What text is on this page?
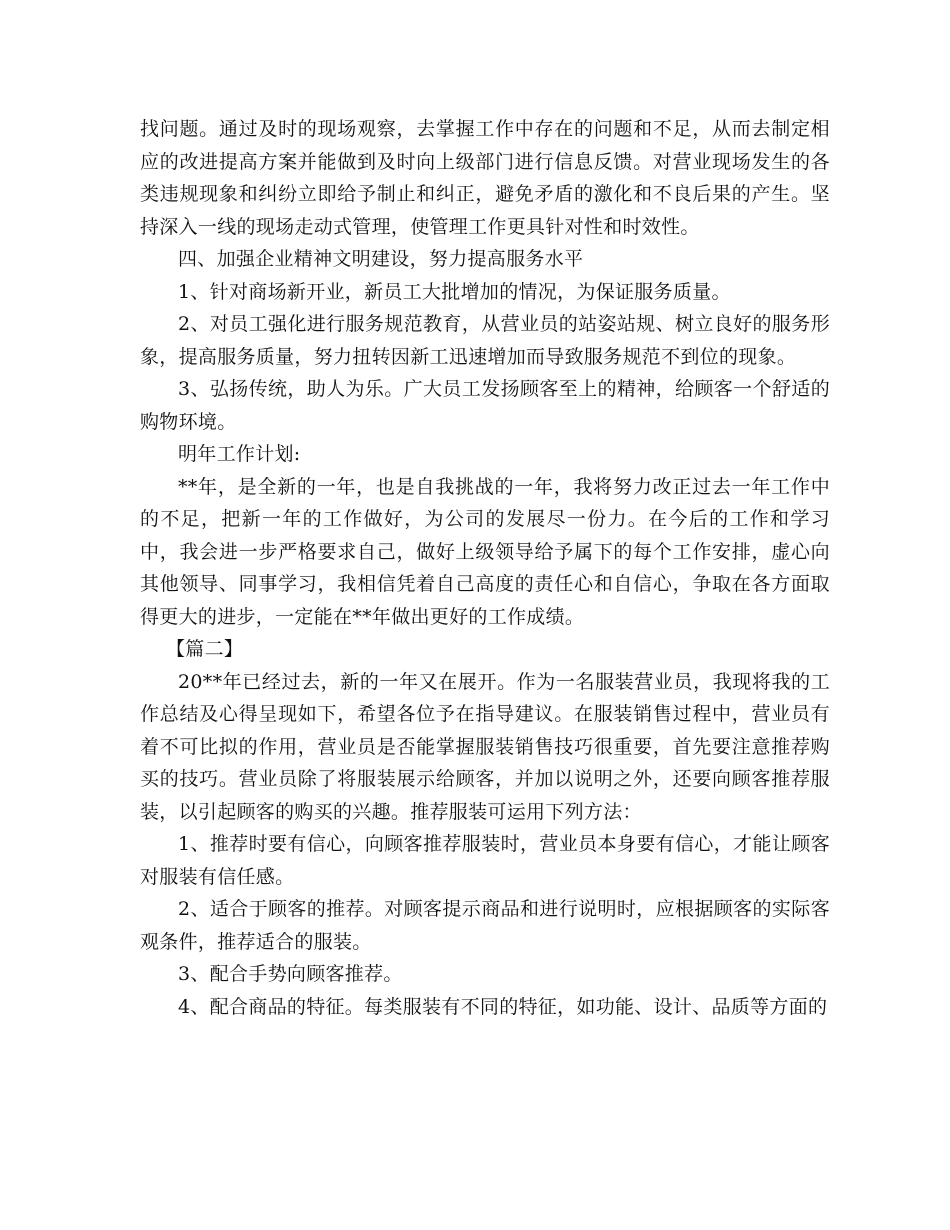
找问题。通过及时的现场观察，去掌握工作中存在的问题和不足，从而去制定相应的改进提高方案并能做到及时向上级部门进行信息反馈。对营业现场发生的各类违规现象和纠纷立即给予制止和纠正，避免矛盾的激化和不良后果的产生。坚持深入一线的现场走动式管理，使管理工作更具针对性和时效性。

四、加强企业精神文明建设，努力提高服务水平

1、针对商场新开业，新员工大批增加的情况，为保证服务质量。

2、对员工强化进行服务规范教育，从营业员的站姿站规、树立良好的服务形象，提高服务质量，努力扭转因新工迅速增加而导致服务规范不到位的现象。

3、弘扬传统，助人为乐。广大员工发扬顾客至上的精神，给顾客一个舒适的购物环境。

明年工作计划:

**年，是全新的一年，也是自我挑战的一年，我将努力改正过去一年工作中的不足，把新一年的工作做好，为公司的发展尽一份力。在今后的工作和学习中，我会进一步严格要求自己，做好上级领导给予属下的每个工作安排，虚心向其他领导、同事学习，我相信凭着自己高度的责任心和自信心，争取在各方面取得更大的进步，一定能在**年做出更好的工作成绩。

【篇二】

20**年已经过去，新的一年又在展开。作为一名服装营业员，我现将我的工作总结及心得呈现如下，希望各位予在指导建议。在服装销售过程中，营业员有着不可比拟的作用，营业员是否能掌握服装销售技巧很重要，首先要注意推荐购买的技巧。营业员除了将服装展示给顾客，并加以说明之外，还要向顾客推荐服装，以引起顾客的购买的兴趣。推荐服装可运用下列方法：

1、推荐时要有信心，向顾客推荐服装时，营业员本身要有信心，才能让顾客对服装有信任感。

2、适合于顾客的推荐。对顾客提示商品和进行说明时，应根据顾客的实际客观条件，推荐适合的服装。

3、配合手势向顾客推荐。

4、配合商品的特征。每类服装有不同的特征，如功能、设计、品质等方面的
